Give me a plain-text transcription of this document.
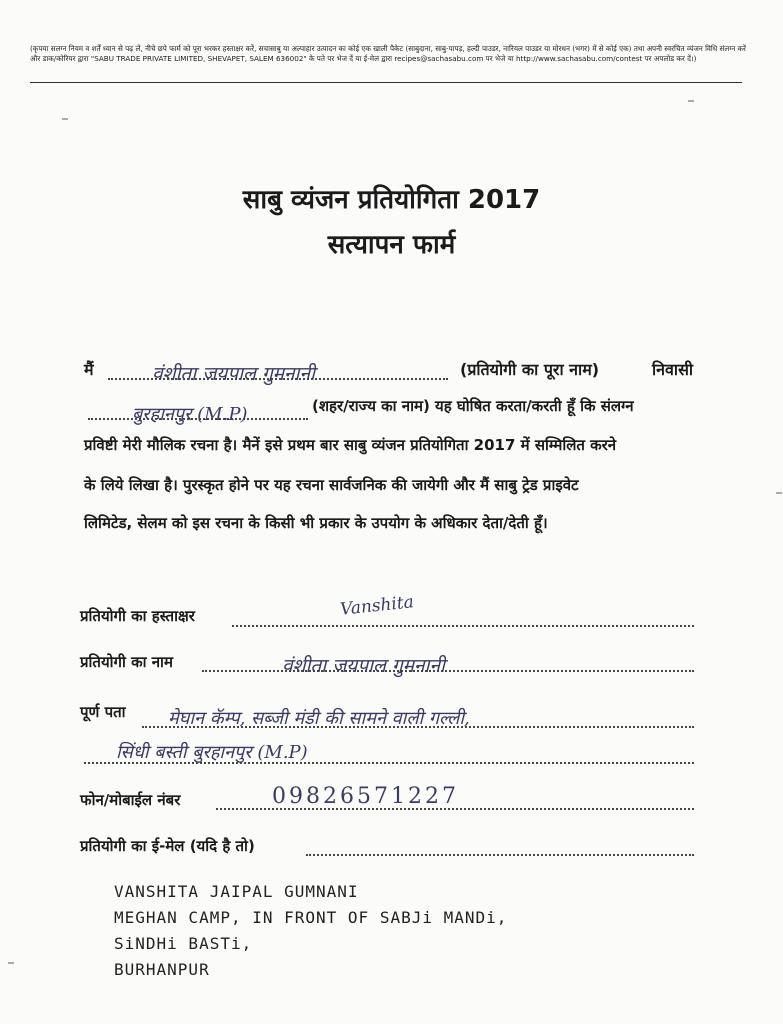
(कृपया सलग्न नियम व शर्तें ध्यान से पढ़ लें, नीचे छपे फार्म को पूरा भरकर हस्ताक्षर करें, सचासाबु या अल्पाहार उत्पादन का कोई एक खाली पैकेट (साबुदाना, साबु-पापड़, हल्दी पाउडर, नारियल पाउडर या मोरधन (भगर) में से कोई एक) तथा अपनी स्वरचित व्यंजन विधि संलग्न करें और डाक/कोरियर द्वारा "SABU TRADE PRIVATE LIMITED, SHEVAPET, SALEM 636002" के पते पर भेज दें या ई-मेल द्वारा recipes@sachasabu.com पर भेजे या http://www.sachasabu.com/contest पर अपलोड कर दें।)
साबु व्यंजन प्रतियोगिता 2017
सत्यापन फार्म
मैं	वंशीता जयपाल गुमनानी	(प्रतियोगी का पूरा नाम)	निवासी
बुरहानपुर (M.P)	(शहर/राज्य का नाम) यह घोषित करता/करती हूँ कि संलग्न
प्रविष्टी मेरी मौलिक रचना है। मैनें इसे प्रथम बार साबु व्यंजन प्रतियोगिता 2017 में सम्मिलित करने
के लिये लिखा है। पुरस्कृत होने पर यह रचना सार्वजनिक की जायेगी और मैं साबु ट्रेड प्राइवेट
लिमिटेड, सेलम को इस रचना के किसी भी प्रकार के उपयोग के अधिकार देता/देती हूँ।
प्रतियोगी का हस्ताक्षर	Vanshita
प्रतियोगी का नाम	वंशीता जयपाल गुमनानी
पूर्ण पता मेघान कॅम्प, सब्जी मंडी की सामने वाली गल्ली,
सिंधी बस्ती बुरहानपुर (M.P)
फोन/मोबाईल नंबर	09826571227
प्रतियोगी का ई-मेल (यदि है तो)
VANSHITA JAIPAL GUMNANI
MEGHAN CAMP, IN FRONT OF SABJi MANDi,
SiNDHi BASTi,
BURHANPUR
